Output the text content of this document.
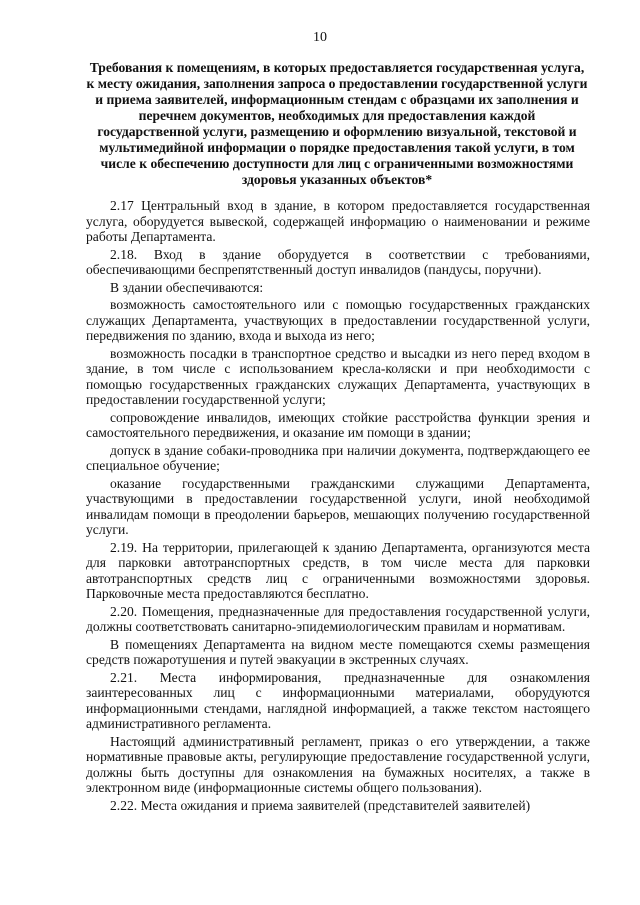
10
Требования к помещениям, в которых предоставляется государственная услуга, к месту ожидания, заполнения запроса о предоставлении государственной услуги и приема заявителей, информационным стендам с образцами их заполнения и перечнем документов, необходимых для предоставления каждой государственной услуги, размещению и оформлению визуальной, текстовой и мультимедийной информации о порядке предоставления такой услуги, в том числе к обеспечению доступности для лиц с ограниченными возможностями здоровья указанных объектов*

2.17 Центральный вход в здание, в котором предоставляется государственная услуга, оборудуется вывеской, содержащей информацию о наименовании и режиме работы Департамента.

2.18. Вход в здание оборудуется в соответствии с требованиями, обеспечивающими беспрепятственный доступ инвалидов (пандусы, поручни).

В здании обеспечиваются:

возможность самостоятельного или с помощью государственных гражданских служащих Департамента, участвующих в предоставлении государственной услуги, передвижения по зданию, входа и выхода из него;

возможность посадки в транспортное средство и высадки из него перед входом в здание, в том числе с использованием кресла-коляски и при необходимости с помощью государственных гражданских служащих Департамента, участвующих в предоставлении государственной услуги;

сопровождение инвалидов, имеющих стойкие расстройства функции зрения и самостоятельного передвижения, и оказание им помощи в здании;

допуск в здание собаки-проводника при наличии документа, подтверждающего ее специальное обучение;

оказание государственными гражданскими служащими Департамента, участвующими в предоставлении государственной услуги, иной необходимой инвалидам помощи в преодолении барьеров, мешающих получению государственной услуги.

2.19. На территории, прилегающей к зданию Департамента, организуются места для парковки автотранспортных средств, в том числе места для парковки автотранспортных средств лиц с ограниченными возможностями здоровья. Парковочные места предоставляются бесплатно.

2.20. Помещения, предназначенные для предоставления государственной услуги, должны соответствовать санитарно-эпидемиологическим правилам и нормативам.

В помещениях Департамента на видном месте помещаются схемы размещения средств пожаротушения и путей эвакуации в экстренных случаях.

2.21. Места информирования, предназначенные для ознакомления заинтересованных лиц с информационными материалами, оборудуются информационными стендами, наглядной информацией, а также текстом настоящего административного регламента.

Настоящий административный регламент, приказ о его утверждении, а также нормативные правовые акты, регулирующие предоставление государственной услуги, должны быть доступны для ознакомления на бумажных носителях, а также в электронном виде (информационные системы общего пользования).

2.22. Места ожидания и приема заявителей (представителей заявителей)
